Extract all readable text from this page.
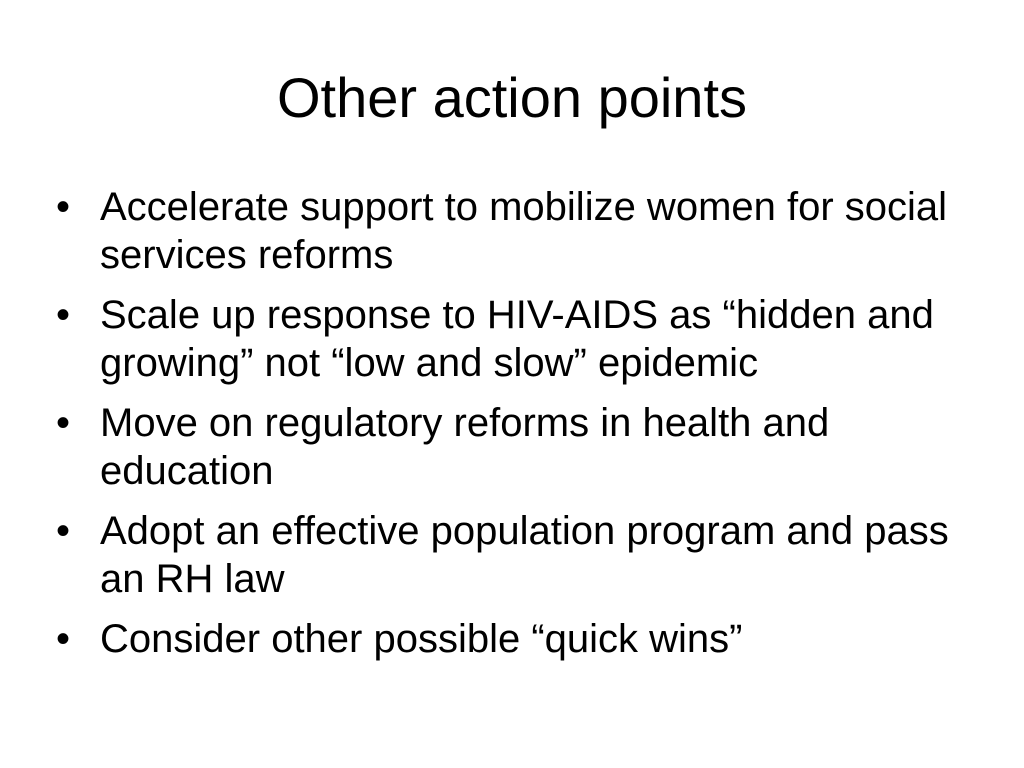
Other action points
• Accelerate support to mobilize women for social services reforms
• Scale up response to HIV-AIDS as “hidden and growing” not “low and slow” epidemic
• Move on regulatory reforms in health and education
• Adopt an effective population program and pass an RH law
• Consider other possible “quick wins”
